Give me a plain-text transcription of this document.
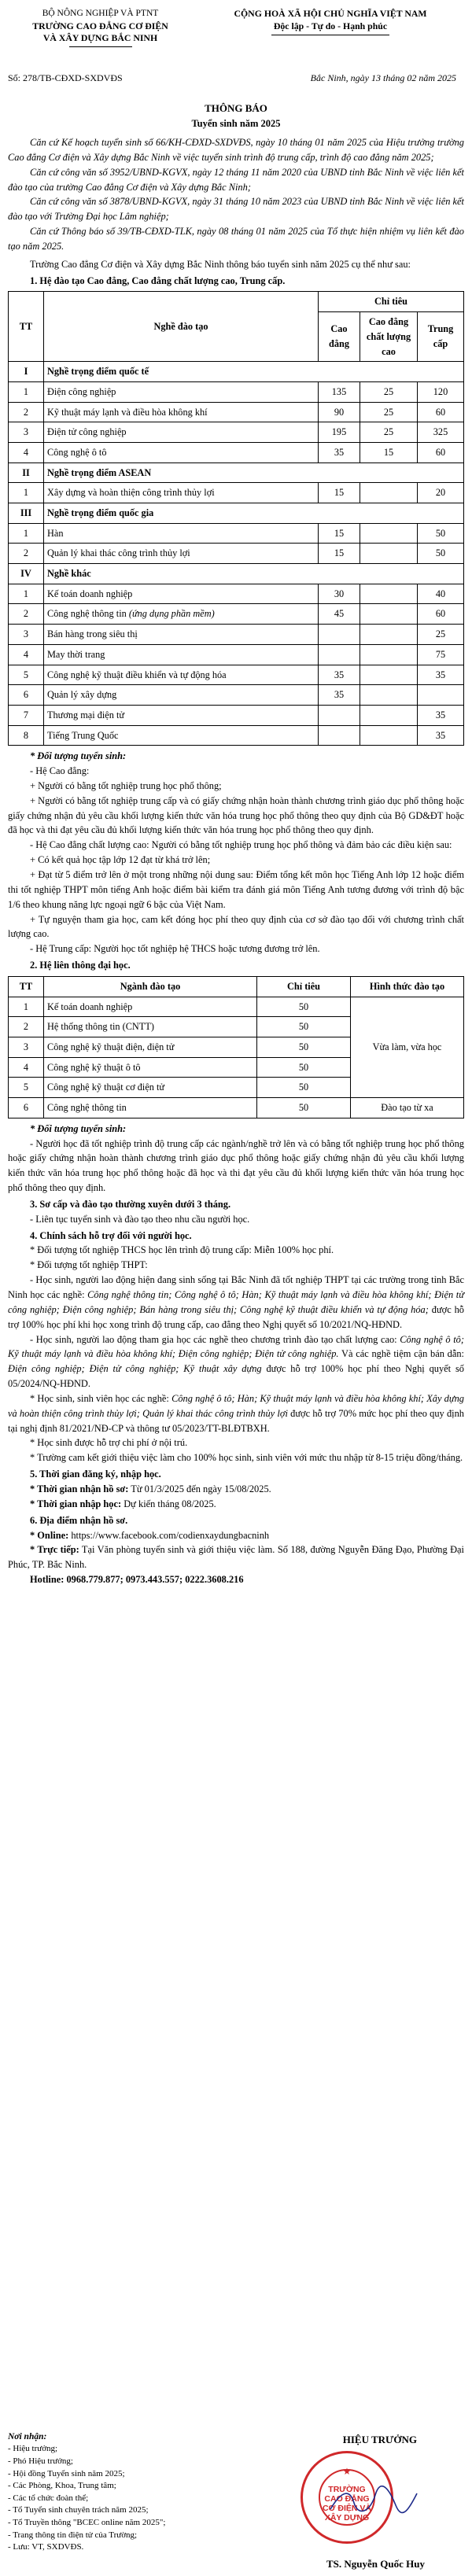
BỘ NÔNG NGHIỆP VÀ PTNT
TRƯỜNG CAO ĐẲNG CƠ ĐIỆN
VÀ XÂY DỰNG BẮC NINH
CỘNG HOÀ XÃ HỘI CHỦ NGHĨA VIỆT NAM
Độc lập - Tự do - Hạnh phúc
Số: 278/TB-CĐXD-SXDVĐS	Bắc Ninh, ngày 13 tháng 02 năm 2025
THÔNG BÁO
Tuyển sinh năm 2025

Căn cứ Kế hoạch tuyển sinh số 66/KH-CĐXD-SXDVĐS, ngày 10 tháng 01 năm 2025 của Hiệu trưởng trường Cao đẳng Cơ điện và Xây dựng Bắc Ninh về việc tuyển sinh trình độ trung cấp, trình độ cao đẳng năm 2025;

Căn cứ công văn số 3952/UBND-KGVX, ngày 12 tháng 11 năm 2020 của UBND tỉnh Bắc Ninh về việc liên kết đào tạo của trường Cao đẳng Cơ điện và Xây dựng Bắc Ninh;

Căn cứ công văn số 3878/UBND-KGVX, ngày 31 tháng 10 năm 2023 của UBND tỉnh Bắc Ninh về việc liên kết đào tạo với Trường Đại học Lâm nghiệp;

Căn cứ Thông báo số 39/TB-CĐXD-TLK, ngày 08 tháng 01 năm 2025 của Tổ thực hiện nhiệm vụ liên kết đào tạo năm 2025.

Trường Cao đẳng Cơ điện và Xây dựng Bắc Ninh thông báo tuyển sinh năm 2025 cụ thể như sau:

1. Hệ đào tạo Cao đẳng, Cao đẳng chất lượng cao, Trung cấp.

TT	Nghề đào tạo	Chỉ tiêu		
		Cao đẳng	Cao đẳng chất lượng cao	Trung cấp
I	Nghề trọng điểm quốc tế			
1	Điện công nghiệp	135	25	120
2	Kỹ thuật máy lạnh và điều hòa không khí	90	25	60
3	Điện tử công nghiệp	195	25	325
4	Công nghệ ô tô	35	15	60
II	Nghề trọng điểm ASEAN			
1	Xây dựng và hoàn thiện công trình thủy lợi	15		20
III	Nghề trọng điểm quốc gia			
1	Hàn	15		50
2	Quản lý khai thác công trình thủy lợi	15		50
IV	Nghề khác			
1	Kế toán doanh nghiệp	30		40
2	Công nghệ thông tin (ứng dụng phần mềm)	45		60
3	Bán hàng trong siêu thị			25
4	May thời trang			75
5	Công nghệ kỹ thuật điều khiển và tự động hóa	35		35
6	Quản lý xây dựng	35		
7	Thương mại điện tử			35
8	Tiếng Trung Quốc			35

* Đối tượng tuyển sinh:

- Hệ Cao đẳng:

+ Người có bằng tốt nghiệp trung học phổ thông;

+ Người có bằng tốt nghiệp trung cấp và có giấy chứng nhận hoàn thành chương trình giáo dục phổ thông hoặc giấy chứng nhận đủ yêu cầu khối lượng kiến thức văn hóa trung học phổ thông theo quy định của Bộ GD&ĐT hoặc đã học và thi đạt yêu cầu đủ khối lượng kiến thức văn hóa trung học phổ thông theo quy định.

- Hệ Cao đẳng chất lượng cao: Người có bằng tốt nghiệp trung học phổ thông và đảm bảo các điều kiện sau:

+ Có kết quả học tập lớp 12 đạt từ khá trở lên;

+ Đạt từ 5 điểm trở lên ở một trong những nội dung sau: Điểm tổng kết môn học Tiếng Anh lớp 12 hoặc điểm thi tốt nghiệp THPT môn tiếng Anh hoặc điểm bài kiểm tra đánh giá môn Tiếng Anh tương đương với trình độ bậc 1/6 theo khung năng lực ngoại ngữ 6 bậc của Việt Nam.

+ Tự nguyện tham gia học, cam kết đóng học phí theo quy định của cơ sở đào tạo đối với chương trình chất lượng cao.

- Hệ Trung cấp: Người học tốt nghiệp hệ THCS hoặc tương đương trở lên.

2. Hệ liên thông đại học.

TT	Ngành đào tạo	Chỉ tiêu	Hình thức đào tạo
1	Kế toán doanh nghiệp	50	Vừa làm, vừa học
2	Hệ thống thông tin (CNTT)	50	
3	Công nghệ kỹ thuật điện, điện tử	50	
4	Công nghệ kỹ thuật ô tô	50	
5	Công nghệ kỹ thuật cơ điện tử	50	
6	Công nghệ thông tin	50	Đào tạo từ xa

* Đối tượng tuyển sinh:

- Người học đã tốt nghiệp trình độ trung cấp các ngành/nghề trở lên và có bằng tốt nghiệp trung học phổ thông hoặc giấy chứng nhận hoàn thành chương trình giáo dục phổ thông hoặc giấy chứng nhận đủ yêu cầu khối lượng kiến thức văn hóa trung học phổ thông hoặc đã học và thi đạt yêu cầu đủ khối lượng kiến thức văn hóa trung học phổ thông theo quy định.

3. Sơ cấp và đào tạo thường xuyên dưới 3 tháng.

- Liên tục tuyển sinh và đào tạo theo nhu cầu người học.

4. Chính sách hỗ trợ đối với người học.

* Đối tượng tốt nghiệp THCS học lên trình độ trung cấp: Miễn 100% học phí.

* Đối tượng tốt nghiệp THPT:

- Học sinh, người lao động hiện đang sinh sống tại Bắc Ninh đã tốt nghiệp THPT tại các trường trong tỉnh Bắc Ninh học các nghề: Công nghệ thông tin; Công nghệ ô tô; Hàn; Kỹ thuật máy lạnh và điều hòa không khí; Điện tử công nghiệp; Điện công nghiệp; Bán hàng trong siêu thị; Công nghệ kỹ thuật điều khiển và tự động hóa; được hỗ trợ 100% học phí khi học xong trình độ trung cấp, cao đẳng theo Nghị quyết số 10/2021/NQ-HĐND.

- Học sinh, người lao động tham gia học các nghề theo chương trình đào tạo chất lượng cao: Công nghệ ô tô; Kỹ thuật máy lạnh và điều hòa không khí; Điện công nghiệp; Điện tử công nghiệp. Và các nghề tiệm cận bán dẫn: Điện công nghiệp; Điện tử công nghiệp; Kỹ thuật xây dựng được hỗ trợ 100% học phí theo Nghị quyết số 05/2024/NQ-HĐND.

* Học sinh, sinh viên học các nghề: Công nghệ ô tô; Hàn; Kỹ thuật máy lạnh và điều hòa không khí; Xây dựng và hoàn thiện công trình thủy lợi; Quản lý khai thác công trình thủy lợi được hỗ trợ 70% mức học phí theo quy định tại nghị định 81/2021/NĐ-CP và thông tư 05/2023/TT-BLĐTBXH.

* Học sinh được hỗ trợ chi phí ở nội trú.

* Trường cam kết giới thiệu việc làm cho 100% học sinh, sinh viên với mức thu nhập từ 8-15 triệu đồng/tháng.

5. Thời gian đăng ký, nhập học.

* Thời gian nhận hồ sơ: Từ 01/3/2025 đến ngày 15/08/2025.

* Thời gian nhập học: Dự kiến tháng 08/2025.

6. Địa điểm nhận hồ sơ.

* Online: https://www.facebook.com/codienxaydungbacninh

* Trực tiếp: Tại Văn phòng tuyển sinh và giới thiệu việc làm. Số 188, đường Nguyễn Đăng Đạo, Phường Đại Phúc, TP. Bắc Ninh.

Hotline: 0968.779.877; 0973.443.557; 0222.3608.216

Nơi nhận:
- Hiệu trưởng;
- Phó Hiệu trưởng;
- Hội đồng Tuyển sinh năm 2025;
- Các Phòng, Khoa, Trung tâm;
- Các tổ chức đoàn thể;
- Tổ Tuyển sinh chuyên trách năm 2025;
- Tổ Truyền thông "BCEC online năm 2025";
- Trang thông tin điện tử của Trường;
- Lưu: VT, SXDVĐS.
HIỆU TRƯỞNG
★
TRƯỜNG
CAO ĐẲNG
CƠ ĐIỆN VÀ
XÂY DỰNG
TS. Nguyễn Quốc Huy
